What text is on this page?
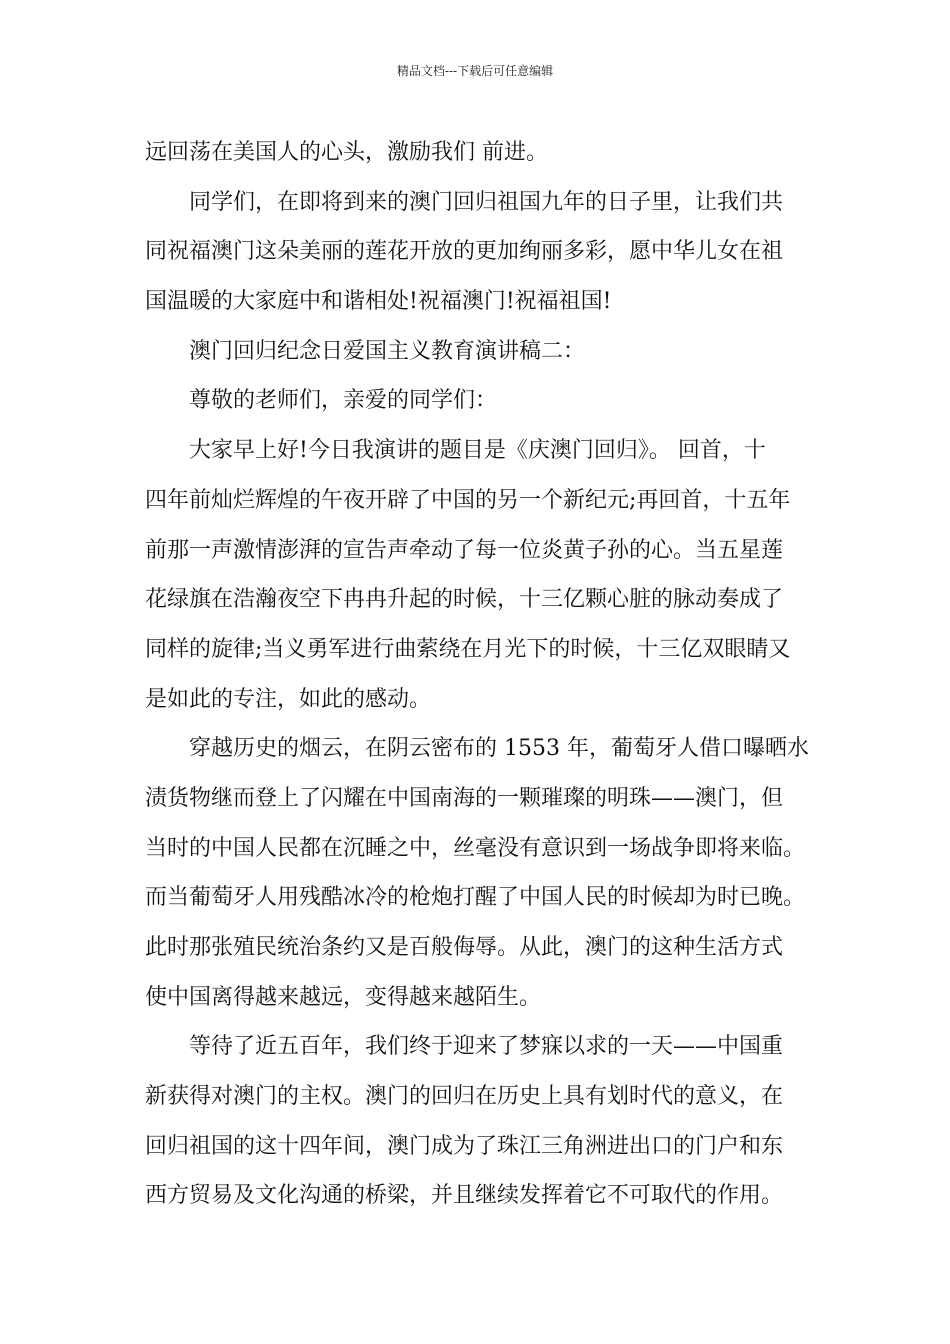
精品文档---下载后可任意编辑
远回荡在美国人的心头，激励我们 前进。
同学们，在即将到来的澳门回归祖国九年的日子里，让我们共
同祝福澳门这朵美丽的莲花开放的更加绚丽多彩，愿中华儿女在祖
国温暖的大家庭中和谐相处!祝福澳门!祝福祖国!
澳门回归纪念日爱国主义教育演讲稿二：
尊敬的老师们，亲爱的同学们：
大家早上好!今日我演讲的题目是《庆澳门回归》。 回首，十
四年前灿烂辉煌的午夜开辟了中国的另一个新纪元;再回首，十五年
前那一声激情澎湃的宣告声牵动了每一位炎黄子孙的心。当五星莲
花绿旗在浩瀚夜空下冉冉升起的时候，十三亿颗心脏的脉动奏成了
同样的旋律;当义勇军进行曲萦绕在月光下的时候，十三亿双眼睛又
是如此的专注，如此的感动。
穿越历史的烟云，在阴云密布的 1553 年，葡萄牙人借口曝晒水
渍货物继而登上了闪耀在中国南海的一颗璀璨的明珠——澳门，但
当时的中国人民都在沉睡之中，丝毫没有意识到一场战争即将来临。
而当葡萄牙人用残酷冰冷的枪炮打醒了中国人民的时候却为时已晚。
此时那张殖民统治条约又是百般侮辱。从此，澳门的这种生活方式
使中国离得越来越远，变得越来越陌生。
等待了近五百年，我们终于迎来了梦寐以求的一天——中国重
新获得对澳门的主权。澳门的回归在历史上具有划时代的意义，在
回归祖国的这十四年间，澳门成为了珠江三角洲进出口的门户和东
西方贸易及文化沟通的桥梁，并且继续发挥着它不可取代的作用。
